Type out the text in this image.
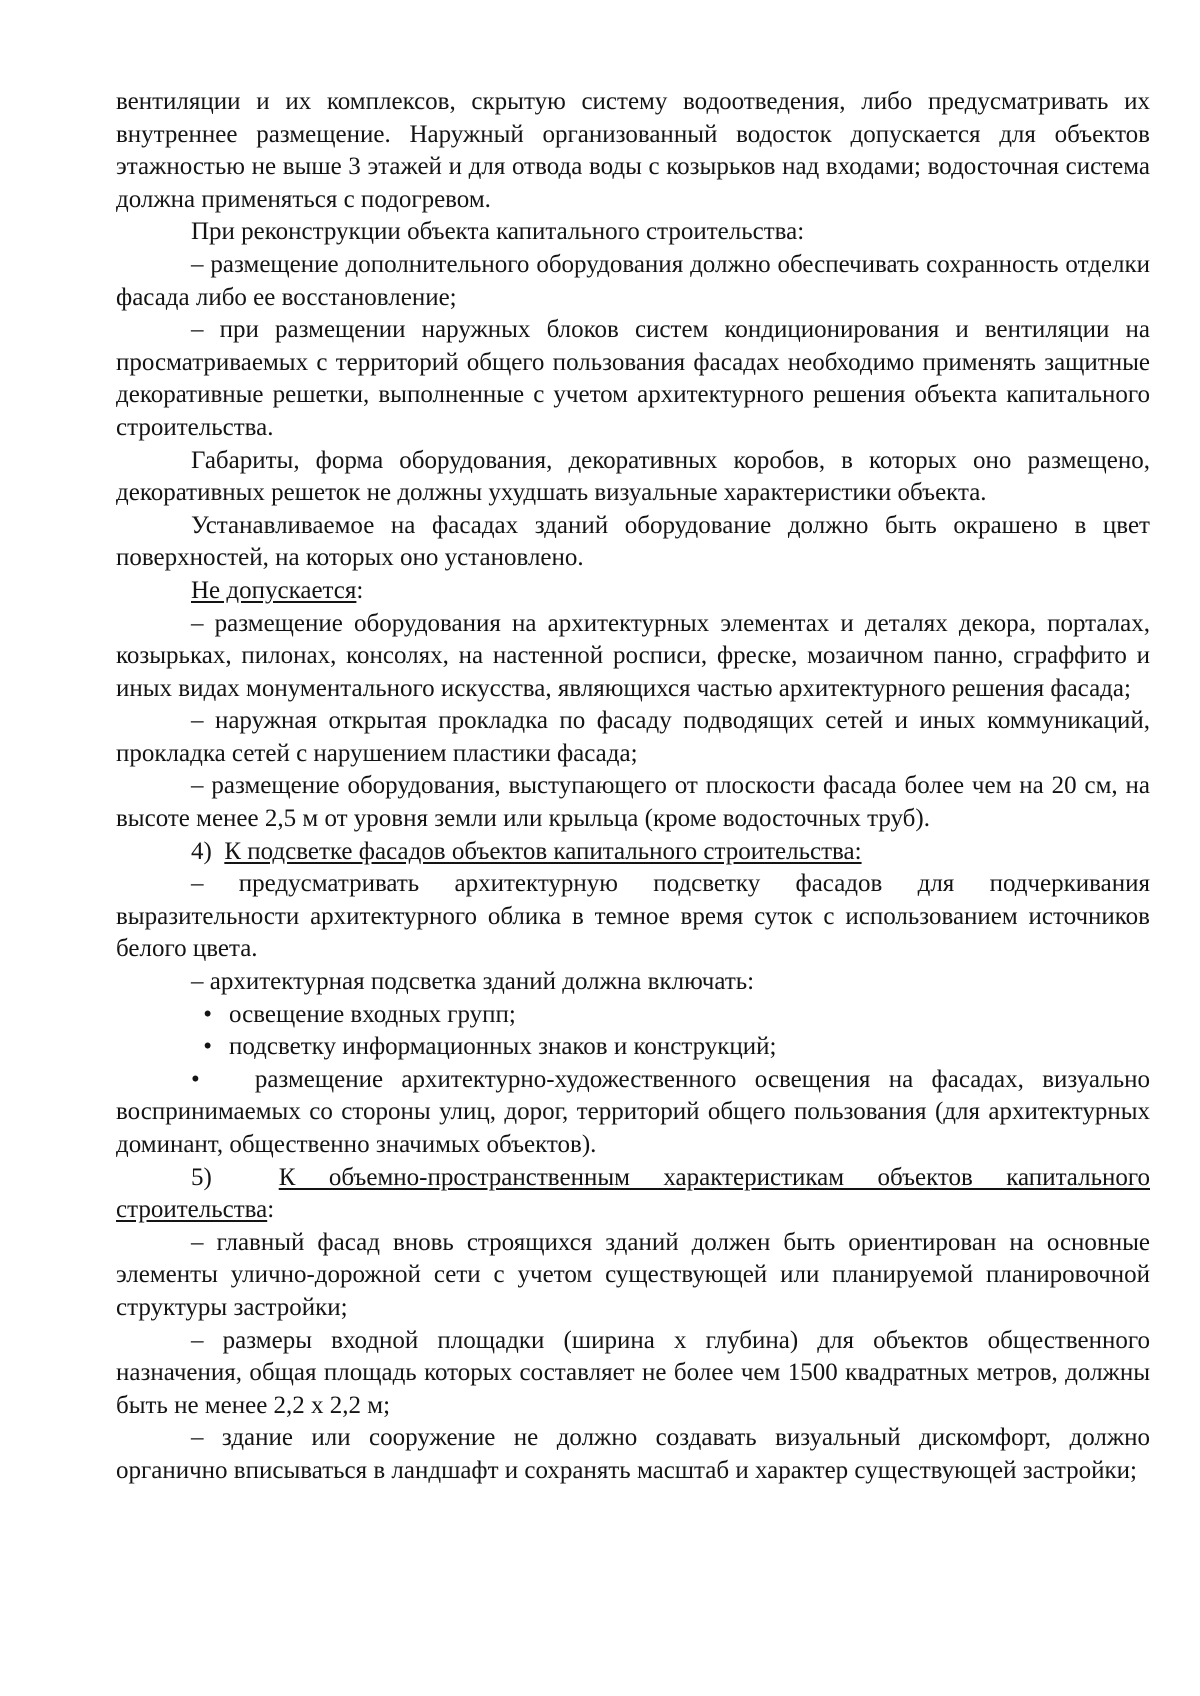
вентиляции и их комплексов, скрытую систему водоотведения, либо предусматривать их внутреннее размещение. Наружный организованный водосток допускается для объектов этажностью не выше 3 этажей и для отвода воды с козырьков над входами; водосточная система должна применяться с подогревом.

При реконструкции объекта капитального строительства:

– размещение дополнительного оборудования должно обеспечивать сохранность отделки фасада либо ее восстановление;

– при размещении наружных блоков систем кондиционирования и вентиляции на просматриваемых с территорий общего пользования фасадах необходимо применять защитные декоративные решетки, выполненные с учетом архитектурного решения объекта капитального строительства.

Габариты, форма оборудования, декоративных коробов, в которых оно размещено, декоративных решеток не должны ухудшать визуальные характеристики объекта.

Устанавливаемое на фасадах зданий оборудование должно быть окрашено в цвет поверхностей, на которых оно установлено.

Не допускается:

– размещение оборудования на архитектурных элементах и деталях декора, порталах, козырьках, пилонах, консолях, на настенной росписи, фреске, мозаичном панно, сграффито и иных видах монументального искусства, являющихся частью архитектурного решения фасада;

– наружная открытая прокладка по фасаду подводящих сетей и иных коммуникаций, прокладка сетей с нарушением пластики фасада;

– размещение оборудования, выступающего от плоскости фасада более чем на 20 см, на высоте менее 2,5 м от уровня земли или крыльца (кроме водосточных труб).

4) К подсветке фасадов объектов капитального строительства:

– предусматривать архитектурную подсветку фасадов для подчеркивания выразительности архитектурного облика в темное время суток с использованием источников белого цвета.

– архитектурная подсветка зданий должна включать:

• освещение входных групп;
• подсветку информационных знаков и конструкций;

• размещение архитектурно-художественного освещения на фасадах, визуально воспринимаемых со стороны улиц, дорог, территорий общего пользования (для архитектурных доминант, общественно значимых объектов).

5)	К объемно-пространственным характеристикам объектов капитального строительства:

– главный фасад вновь строящихся зданий должен быть ориентирован на основные элементы улично-дорожной сети с учетом существующей или планируемой планировочной структуры застройки;

– размеры входной площадки (ширина х глубина) для объектов общественного назначения, общая площадь которых составляет не более чем 1500 квадратных метров, должны быть не менее 2,2 х 2,2 м;

– здание или сооружение не должно создавать визуальный дискомфорт, должно органично вписываться в ландшафт и сохранять масштаб и характер существующей застройки;
